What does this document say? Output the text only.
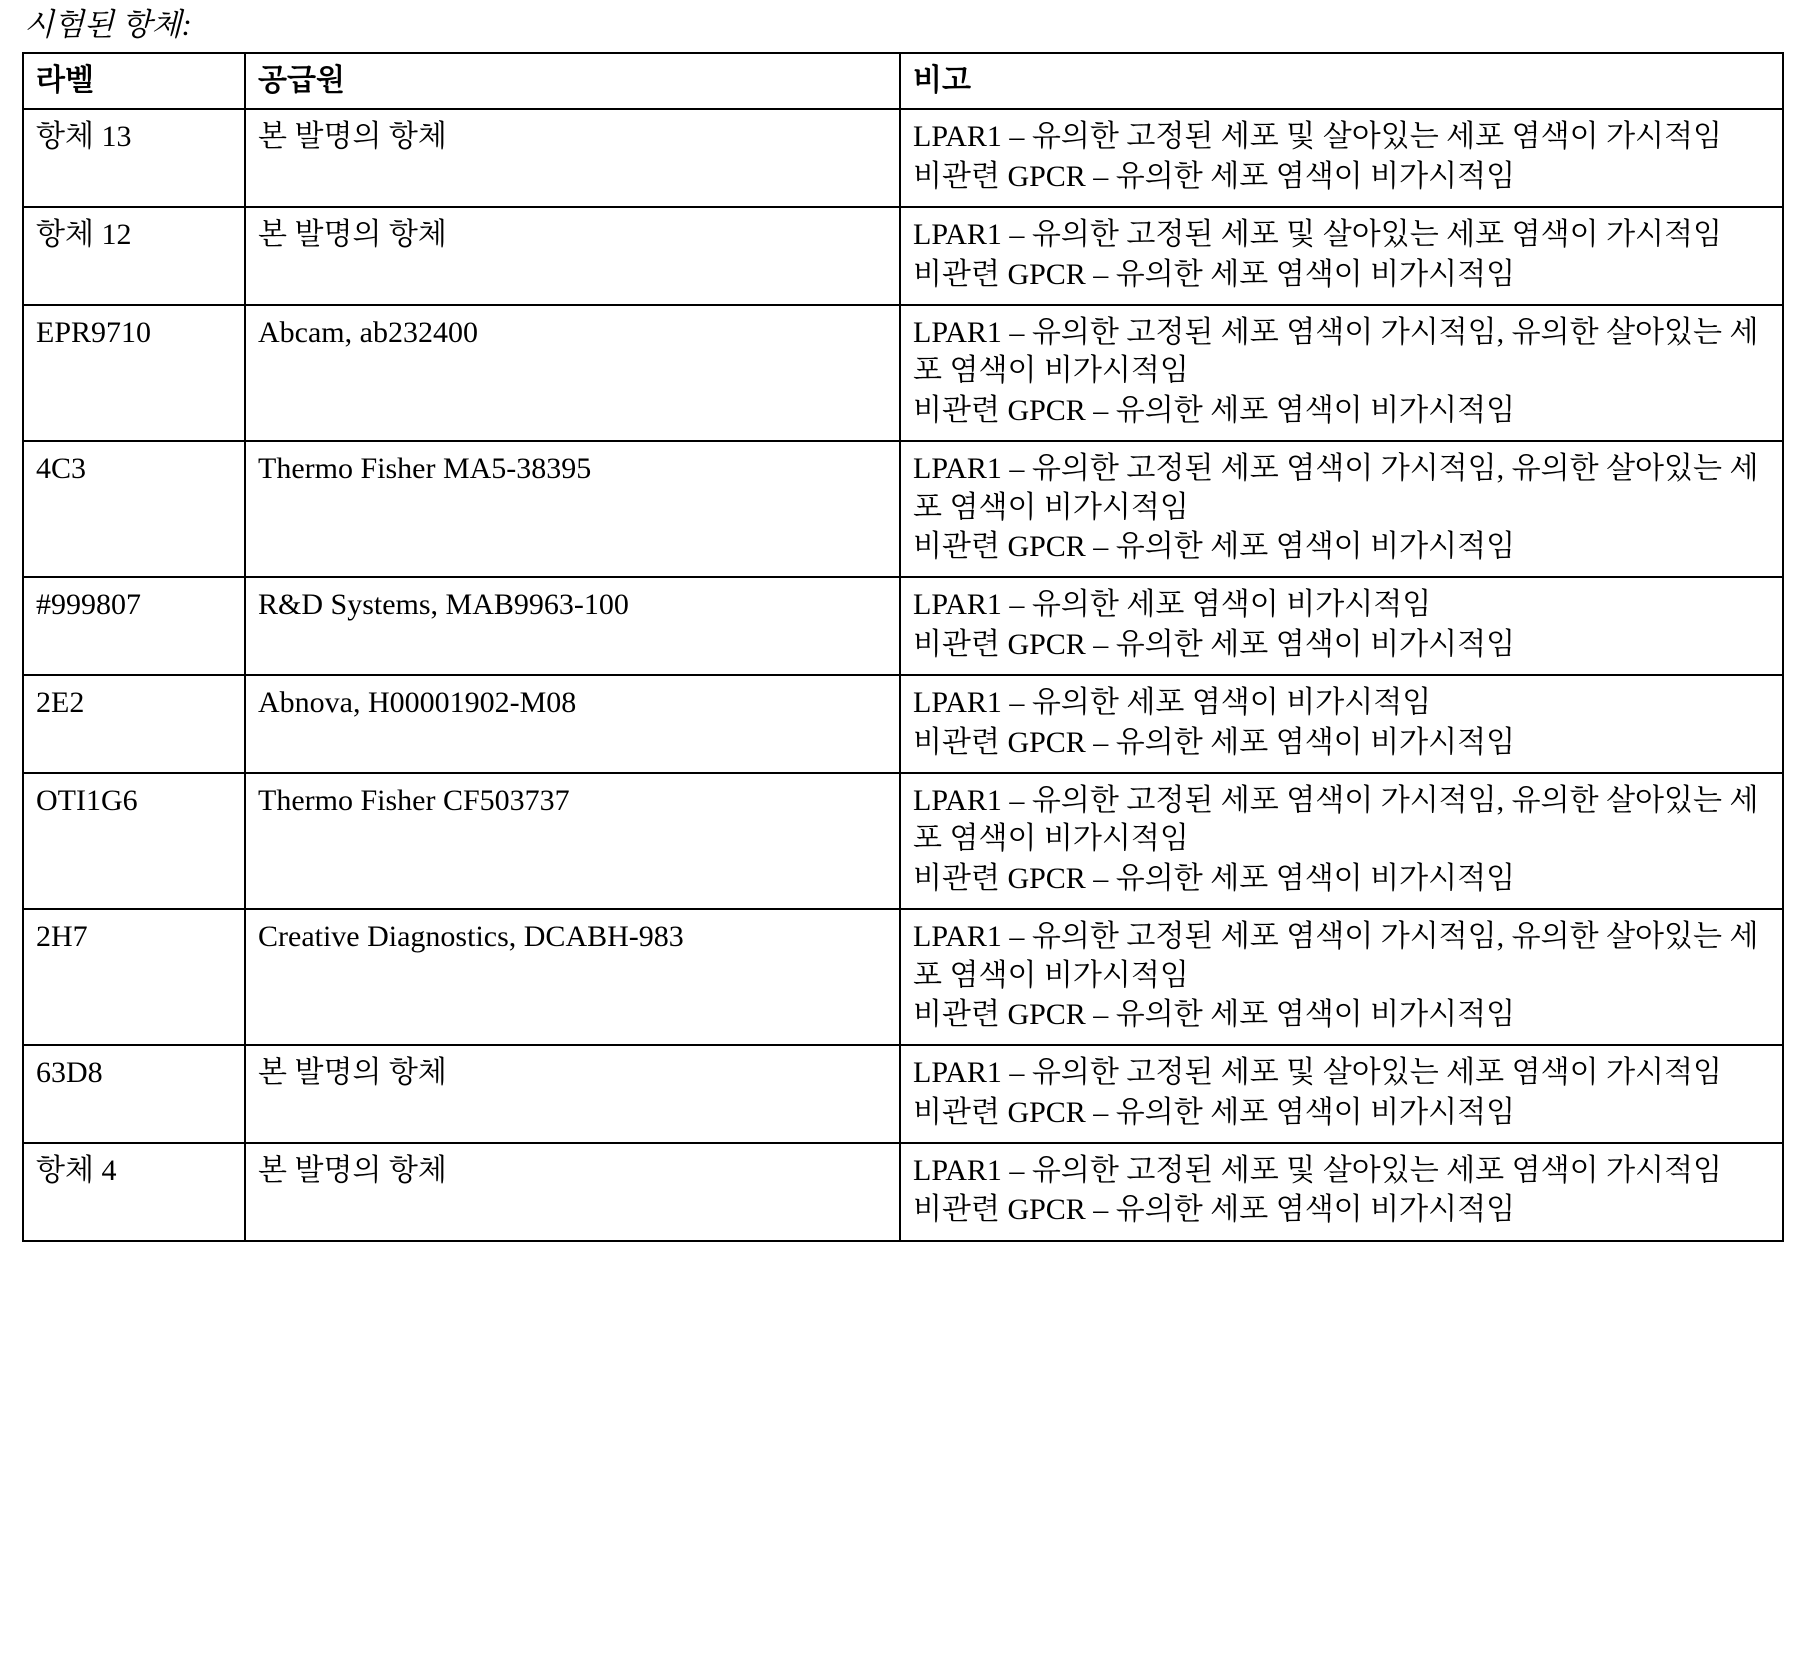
시험된 항체:
라벨	공급원	비고
항체 13	본 발명의 항체	LPAR1 – 유의한 고정된 세포 및 살아있는 세포 염색이 가시적임
비관련 GPCR – 유의한 세포 염색이 비가시적임

항체 12	본 발명의 항체	LPAR1 – 유의한 고정된 세포 및 살아있는 세포 염색이 가시적임
비관련 GPCR – 유의한 세포 염색이 비가시적임

EPR9710	Abcam, ab232400	LPAR1 – 유의한 고정된 세포 염색이 가시적임, 유의한 살아있는 세포 염색이 비가시적임
비관련 GPCR – 유의한 세포 염색이 비가시적임

4C3	Thermo Fisher MA5-38395	LPAR1 – 유의한 고정된 세포 염색이 가시적임, 유의한 살아있는 세포 염색이 비가시적임
비관련 GPCR – 유의한 세포 염색이 비가시적임

#999807	R&D Systems, MAB9963-100	LPAR1 – 유의한 세포 염색이 비가시적임
비관련 GPCR – 유의한 세포 염색이 비가시적임

2E2	Abnova, H00001902-M08	LPAR1 – 유의한 세포 염색이 비가시적임
비관련 GPCR – 유의한 세포 염색이 비가시적임

OTI1G6	Thermo Fisher CF503737	LPAR1 – 유의한 고정된 세포 염색이 가시적임, 유의한 살아있는 세포 염색이 비가시적임
비관련 GPCR – 유의한 세포 염색이 비가시적임

2H7	Creative Diagnostics, DCABH-983	LPAR1 – 유의한 고정된 세포 염색이 가시적임, 유의한 살아있는 세포 염색이 비가시적임
비관련 GPCR – 유의한 세포 염색이 비가시적임

63D8	본 발명의 항체	LPAR1 – 유의한 고정된 세포 및 살아있는 세포 염색이 가시적임
비관련 GPCR – 유의한 세포 염색이 비가시적임

항체 4	본 발명의 항체	LPAR1 – 유의한 고정된 세포 및 살아있는 세포 염색이 가시적임
비관련 GPCR – 유의한 세포 염색이 비가시적임
